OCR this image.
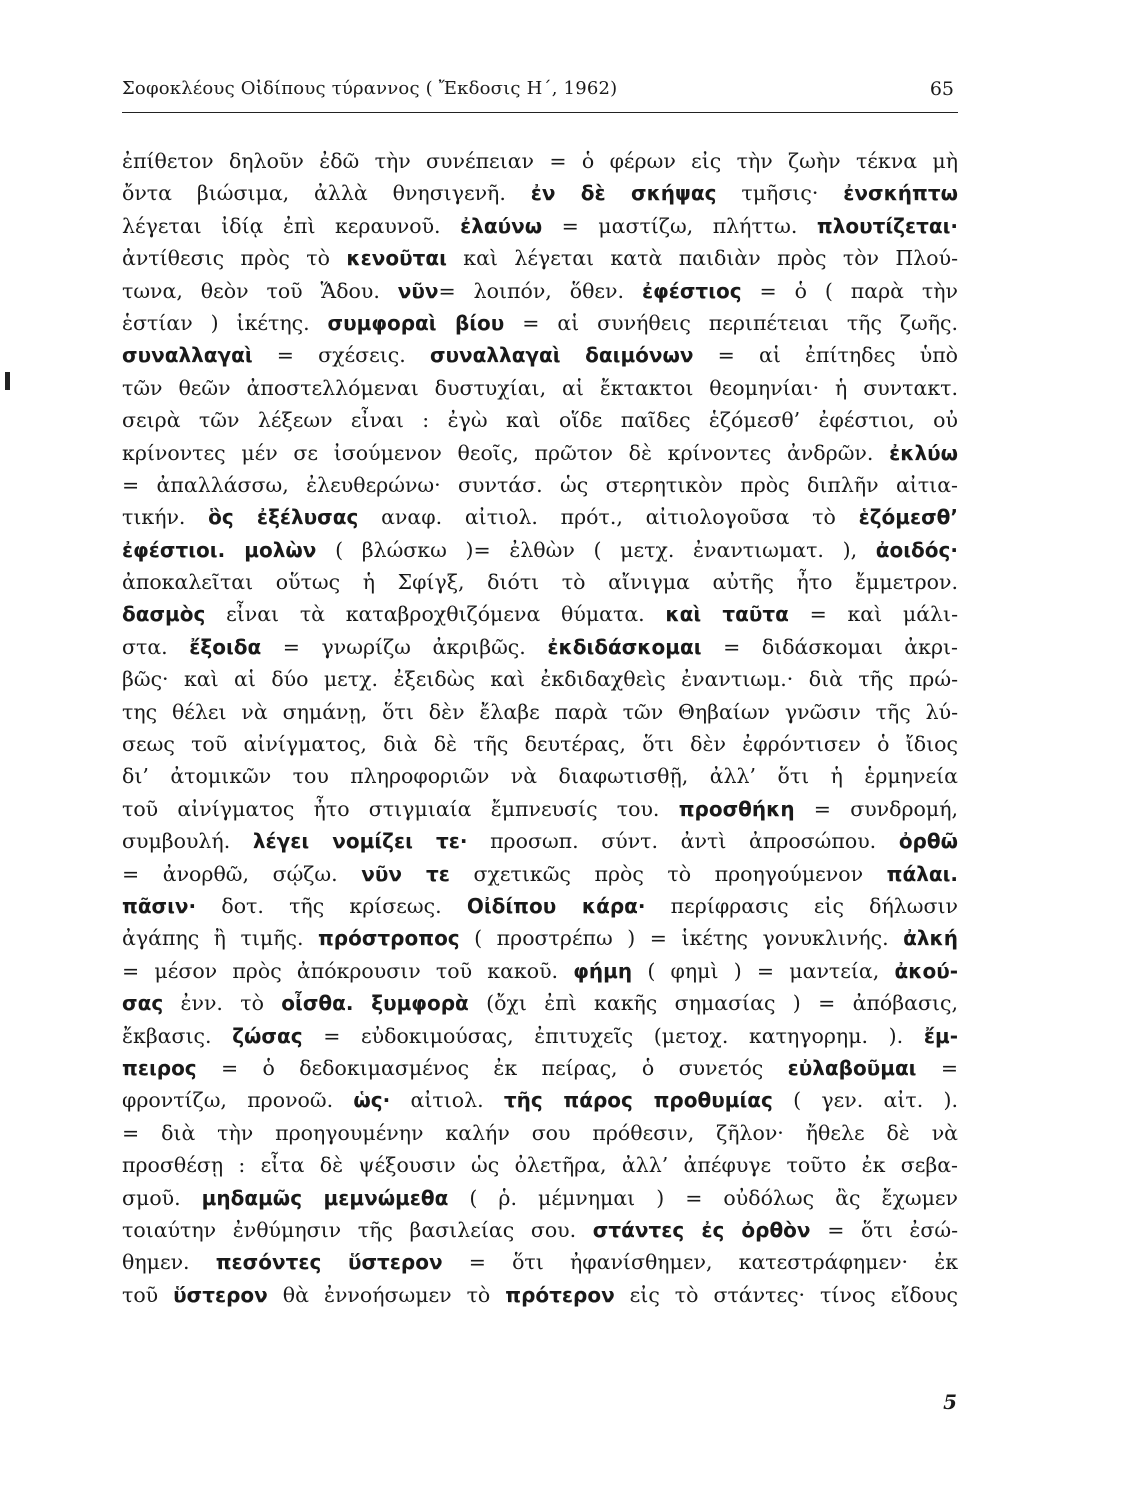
Σοφοκλέους Οἰδίπους τύραννος ( Ἔκδοσις Η΄, 1962)	65
ἐπίθετον δηλοῦν ἐδῶ τὴν συνέπειαν = ὁ φέρων εἰς τὴν ζωὴν τέκνα μὴ
ὄντα βιώσιμα, ἀλλὰ θνησιγενῆ. ἐν δὲ σκήψας τμῆσις· ἐνσκήπτω
λέγεται ἰδίᾳ ἐπὶ κεραυνοῦ. ἐλαύνω = μαστίζω, πλήττω. πλουτίζεται·
ἀντίθεσις πρὸς τὸ κενοῦται καὶ λέγεται κατὰ παιδιὰν πρὸς τὸν Πλού-
τωνα, θεὸν τοῦ Ἅδου. νῦν= λοιπόν, ὅθεν. ἐφέστιος = ὁ ( παρὰ τὴν
ἑστίαν ) ἱκέτης. συμφοραὶ βίου = αἱ συνήθεις περιπέτειαι τῆς ζωῆς.
συναλλαγαὶ = σχέσεις. συναλλαγαὶ δαιμόνων = αἱ ἐπίτηδες ὑπὸ
τῶν θεῶν ἀποστελλόμεναι δυστυχίαι, αἱ ἔκτακτοι θεομηνίαι· ἡ συντακτ.
σειρὰ τῶν λέξεων εἶναι : ἐγὼ καὶ οἵδε παῖδες ἑζόμεσθ’ ἐφέστιοι, οὐ
κρίνοντες μέν σε ἰσούμενον θεοῖς, πρῶτον δὲ κρίνοντες ἀνδρῶν. ἐκλύω
= ἀπαλλάσσω, ἐλευθερώνω· συντάσ. ὡς στερητικὸν πρὸς διπλῆν αἰτια-
τικήν. ὃς ἐξέλυσας αναφ. αἰτιολ. πρότ., αἰτιολογοῦσα τὸ ἑζόμεσθ’
ἐφέστιοι. μολὼν ( βλώσκω )= ἐλθὼν ( μετχ. ἐναντιωματ. ), ἀοιδός·
ἀποκαλεῖται οὕτως ἡ Σφίγξ, διότι τὸ αἴνιγμα αὐτῆς ἦτο ἔμμετρον.
δασμὸς εἶναι τὰ καταβροχθιζόμενα θύματα. καὶ ταῦτα = καὶ μάλι-
στα. ἔξοιδα = γνωρίζω ἀκριβῶς. ἐκδιδάσκομαι = διδάσκομαι ἀκρι-
βῶς· καὶ αἱ δύο μετχ. ἐξειδὼς καὶ ἐκδιδαχθεὶς ἐναντιωμ.· διὰ τῆς πρώ-
της θέλει νὰ σημάνῃ, ὅτι δὲν ἔλαβε παρὰ τῶν Θηβαίων γνῶσιν τῆς λύ-
σεως τοῦ αἰνίγματος, διὰ δὲ τῆς δευτέρας, ὅτι δὲν ἐφρόντισεν ὁ ἴδιος
δι’ ἀτομικῶν του πληροφοριῶν νὰ διαφωτισθῇ, ἀλλ’ ὅτι ἡ ἑρμηνεία
τοῦ αἰνίγματος ἦτο στιγμιαία ἔμπνευσίς του. προσθήκη = συνδρομή,
συμβουλή. λέγει νομίζει τε· προσωπ. σύντ. ἀντὶ ἀπροσώπου. ὀρθῶ
= ἀνορθῶ, σῴζω. νῦν τε σχετικῶς πρὸς τὸ προηγούμενον πάλαι.
πᾶσιν· δοτ. τῆς κρίσεως. Οἰδίπου κάρα· περίφρασις εἰς δήλωσιν
ἀγάπης ἢ τιμῆς. πρόστροπος ( προστρέπω ) = ἱκέτης γονυκλινής. ἀλκή
= μέσον πρὸς ἀπόκρουσιν τοῦ κακοῦ. φήμη ( φημὶ ) = μαντεία, ἀκού-
σας ἐνν. τὸ οἶσθα. ξυμφορὰ (ὄχι ἐπὶ κακῆς σημασίας ) = ἀπόβασις,
ἔκβασις. ζώσας = εὐδοκιμούσας, ἐπιτυχεῖς (μετοχ. κατηγορημ. ). ἔμ-
πειρος = ὁ δεδοκιμασμένος ἐκ πείρας, ὁ συνετός εὐλαβοῦμαι =
φροντίζω, προνοῶ. ὡς· αἰτιολ. τῆς πάρος προθυμίας ( γεν. αἰτ. ).
= διὰ τὴν προηγουμένην καλήν σου πρόθεσιν, ζῆλον· ἤθελε δὲ νὰ
προσθέσῃ : εἶτα δὲ ψέξουσιν ὡς ὀλετῆρα, ἀλλ’ ἀπέφυγε τοῦτο ἐκ σεβα-
σμοῦ. μηδαμῶς μεμνώμεθα ( ῥ. μέμνημαι ) = οὐδόλως ἂς ἔχωμεν
τοιαύτην ἐνθύμησιν τῆς βασιλείας σου. στάντες ἐς ὀρθὸν = ὅτι ἐσώ-
θημεν. πεσόντες ὕστερον = ὅτι ἠφανίσθημεν, κατεστράφημεν· ἐκ
τοῦ ὕστερον θὰ ἐννοήσωμεν τὸ πρότερον εἰς τὸ στάντες· τίνος εἴδους
5
